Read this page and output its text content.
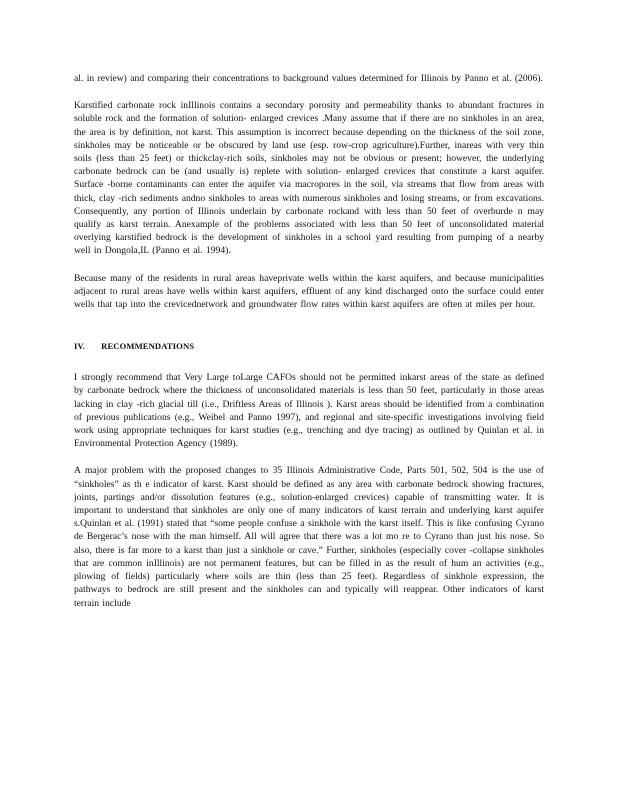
al. in review) and comparing their concentrations to background values determined for Illinois by Panno et al. (2006).

Karstified carbonate rock inIllinois contains a secondary porosity and permeability thanks to abundant fractures in soluble rock and the formation of solution- enlarged crevices .Many assume that if there are no sinkholes in an area, the area is by definition, not karst. This assumption is incorrect because depending on the thickness of the soil zone, sinkholes may be noticeable or be obscured by land use (esp. row-crop agriculture).Further, inareas with very thin soils (less than 25 feet) or thickclay-rich soils, sinkholes may not be obvious or present; however, the underlying carbonate bedrock can be (and usually is) replete with solution- enlarged crevices that constitute a karst aquifer. Surface -borne contaminants can enter the aquifer via macropores in the soil, via streams that flow from areas with thick, clay -rich sediments andno sinkholes to areas with numerous sinkholes and losing streams, or from excavations. Consequently, any portion of Illinois underlain by carbonate rockand with less than 50 feet of overburde n may qualify as karst terrain. Anexample of the problems associated with less than 50 feet of unconsolidated material overlying karstified bedrock is the development of sinkholes in a school yard resulting from pumping of a nearby well in Dongola,IL (Panno et al. 1994).

Because many of the residents in rural areas haveprivate wells within the karst aquifers, and because municipalities adjacent to rural areas have wells within karst aquifers, effluent of any kind discharged onto the surface could enter wells that tap into the crevicednetwork and groundwater flow rates within karst aquifers are often at miles per hour.

IV. RECOMMENDATIONS

I strongly recommend that Very Large toLarge CAFOs should not be permitted inkarst areas of the state as defined by carbonate bedrock where the thickness of unconsolidated materials is less than 50 feet, particularly in those areas lacking in clay -rich glacial till (i.e., Driftless Areas of Illinois ). Karst areas should be identified from a combination of previous publications (e.g., Weibel and Panno 1997), and regional and site-specific investigations involving field work using appropriate techniques for karst studies (e.g., trenching and dye tracing) as outlined by Quinlan et al. in Environmental Protection Agency (1989).

A major problem with the proposed changes to 35 Illinois Administrative Code, Parts 501, 502, 504 is the use of “sinkholes” as th e indicator of karst. Karst should be defined as any area with carbonate bedrock showing fractures, joints, partings and/or dissolution features (e.g., solution-enlarged crevices) capable of transmitting water. It is important to understand that sinkholes are only one of many indicators of karst terrain and underlying karst aquifer s.Quinlan et al. (1991) stated that “some people confuse a sinkhole with the karst itself. This is like confusing Cyrano de Bergerac’s nose with the man himself. All will agree that there was a lot mo re to Cyrano than just his nose. So also, there is far more to a karst than just a sinkhole or cave.” Further, sinkholes (especially cover -collapse sinkholes that are common inIllinois) are not permanent features, but can be filled in as the result of hum an activities (e.g., plowing of fields) particularly where soils are thin (less than 25 feet). Regardless of sinkhole expression, the pathways to bedrock are still present and the sinkholes can and typically will reappear. Other indicators of karst terrain include
